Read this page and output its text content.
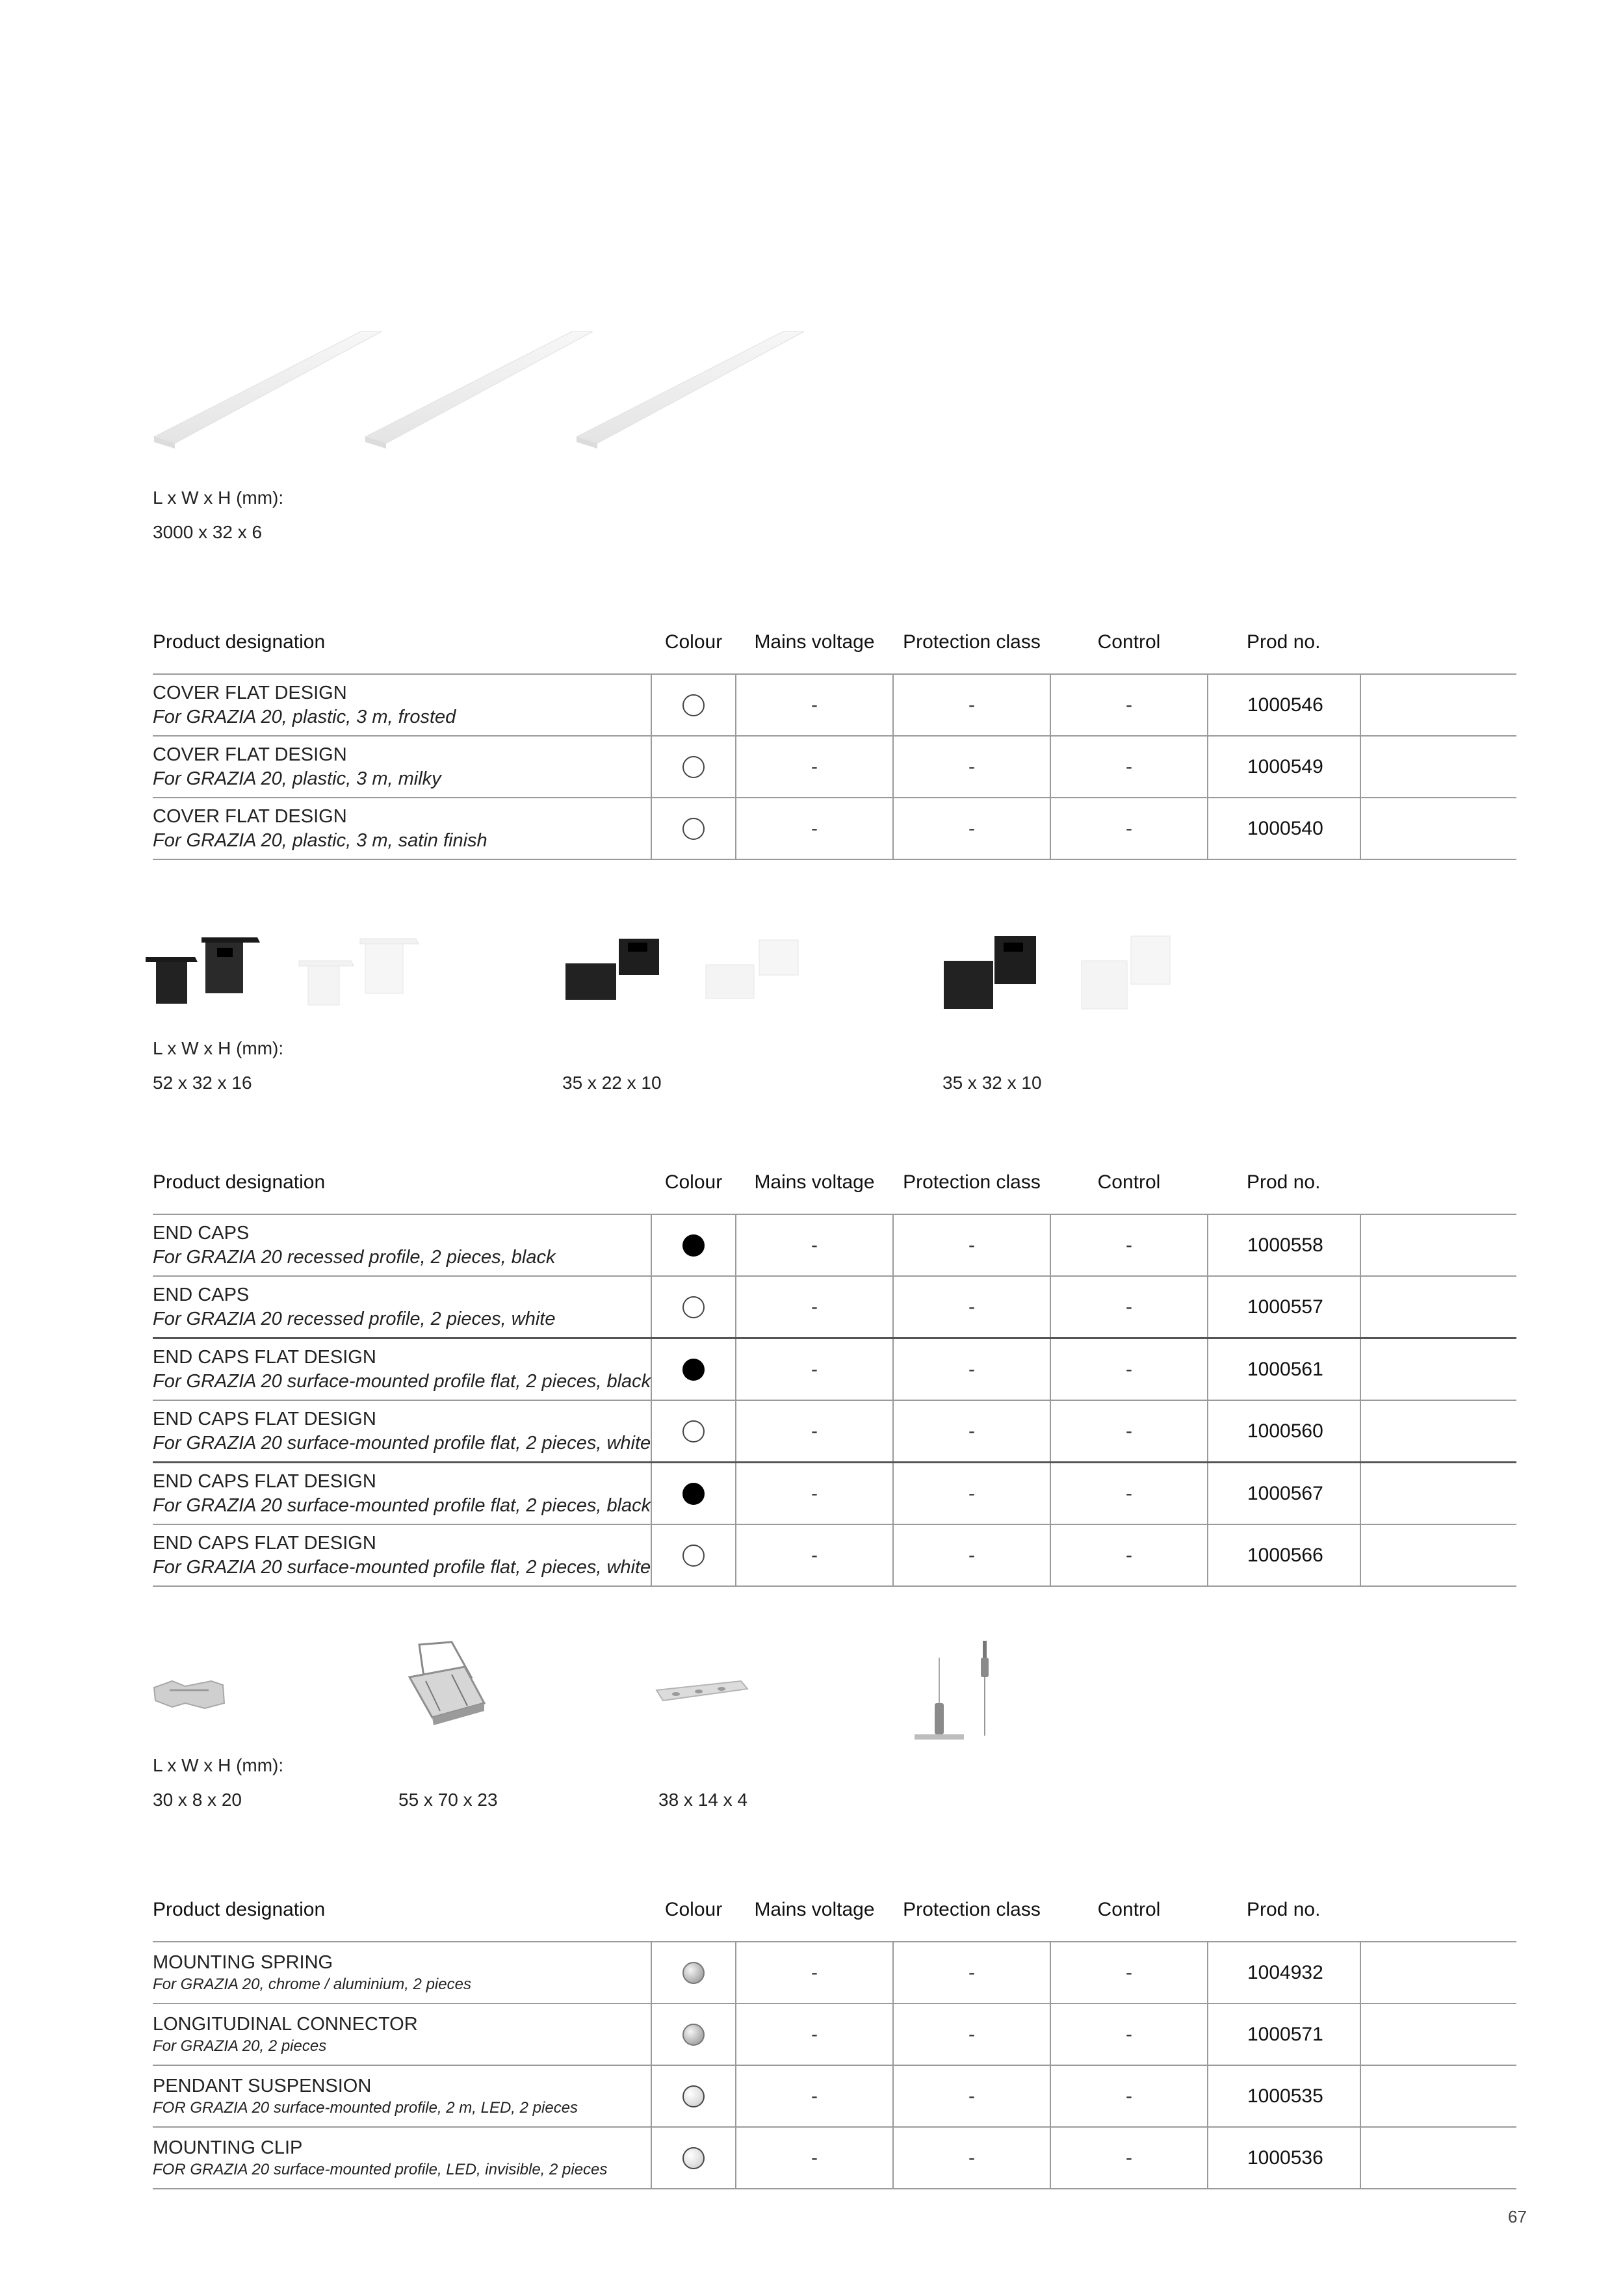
L x W x H (mm):
3000 x 32 x 6
Product designation	Colour	Mains voltage	Protection class	Control	Prod no.	

COVER FLAT DESIGN
For GRAZIA 20, plastic, 3 m, frosted		-	-	-	1000546	

COVER FLAT DESIGN
For GRAZIA 20, plastic, 3 m, milky		-	-	-	1000549	

COVER FLAT DESIGN
For GRAZIA 20, plastic, 3 m, satin finish		-	-	-	1000540	
L x W x H (mm):
52 x 32 x 16	35 x 22 x 10	35 x 32 x 10
Product designation	Colour	Mains voltage	Protection class	Control	Prod no.	

END CAPS
For GRAZIA 20 recessed profile, 2 pieces, black		-	-	-	1000558	

END CAPS
For GRAZIA 20 recessed profile, 2 pieces, white		-	-	-	1000557	

END CAPS FLAT DESIGN
For GRAZIA 20 surface-mounted profile flat, 2 pieces, black		-	-	-	1000561	

END CAPS FLAT DESIGN
For GRAZIA 20 surface-mounted profile flat, 2 pieces, white		-	-	-	1000560	

END CAPS FLAT DESIGN
For GRAZIA 20 surface-mounted profile flat, 2 pieces, black		-	-	-	1000567	

END CAPS FLAT DESIGN
For GRAZIA 20 surface-mounted profile flat, 2 pieces, white		-	-	-	1000566	
L x W x H (mm):
30 x 8 x 20	55 x 70 x 23	38 x 14 x 4
Product designation	Colour	Mains voltage	Protection class	Control	Prod no.	

MOUNTING SPRING
For GRAZIA 20, chrome / aluminium, 2 pieces		-	-	-	1004932	

LONGITUDINAL CONNECTOR
For GRAZIA 20, 2 pieces		-	-	-	1000571	

PENDANT SUSPENSION
FOR GRAZIA 20 surface-mounted profile, 2 m, LED, 2 pieces		-	-	-	1000535	

MOUNTING CLIP
FOR GRAZIA 20 surface-mounted profile, LED, invisible, 2 pieces		-	-	-	1000536	
67
